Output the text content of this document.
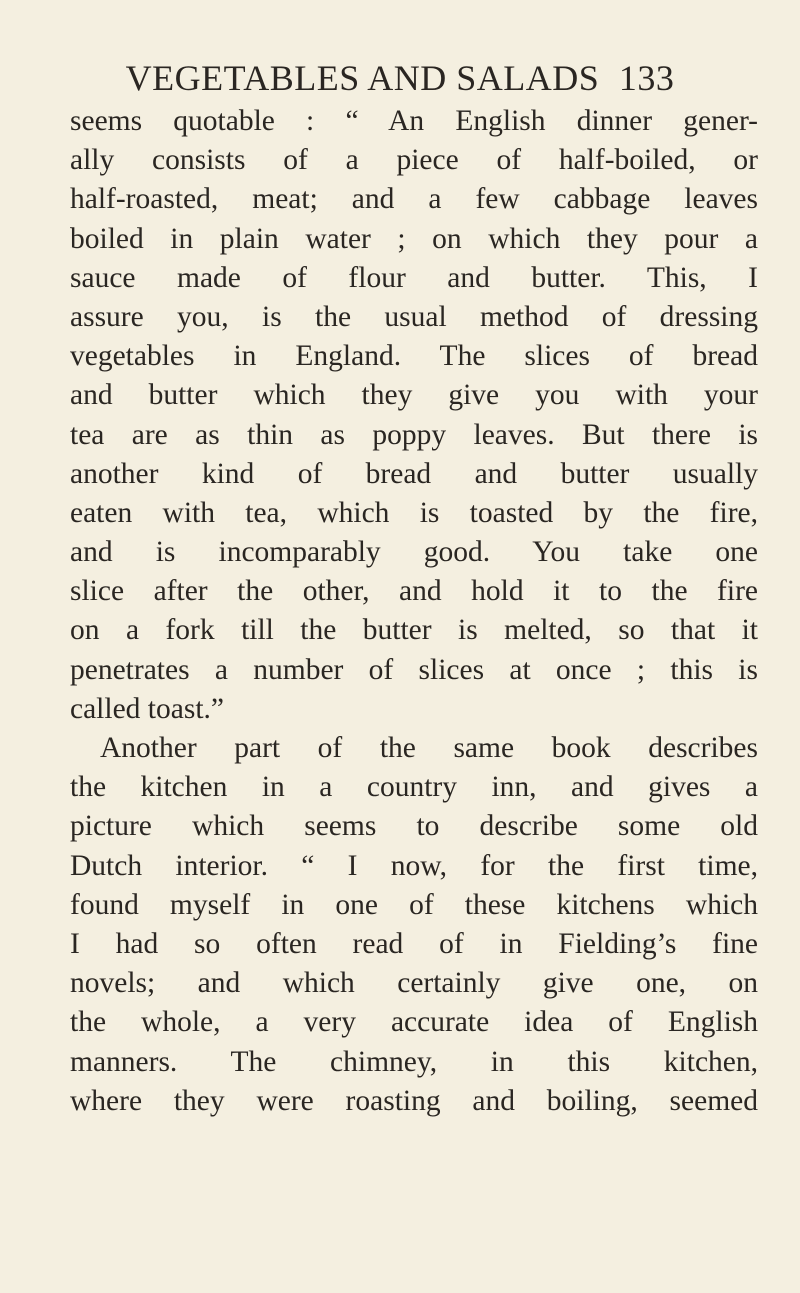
VEGETABLES AND SALADS 133
seems quotable : “ An English dinner gener-
ally consists of a piece of half-boiled, or
half-roasted, meat; and a few cabbage leaves
boiled in plain water ; on which they pour a
sauce made of flour and butter. This, I
assure you, is the usual method of dressing
vegetables in England. The slices of bread
and butter which they give you with your
tea are as thin as poppy leaves. But there is
another kind of bread and butter usually
eaten with tea, which is toasted by the fire,
and is incomparably good. You take one
slice after the other, and hold it to the fire
on a fork till the butter is melted, so that it
penetrates a number of slices at once ; this is
called toast.”
Another part of the same book describes
the kitchen in a country inn, and gives a
picture which seems to describe some old
Dutch interior. “ I now, for the first time,
found myself in one of these kitchens which
I had so often read of in Fielding’s fine
novels; and which certainly give one, on
the whole, a very accurate idea of English
manners. The chimney, in this kitchen,
where they were roasting and boiling, seemed
